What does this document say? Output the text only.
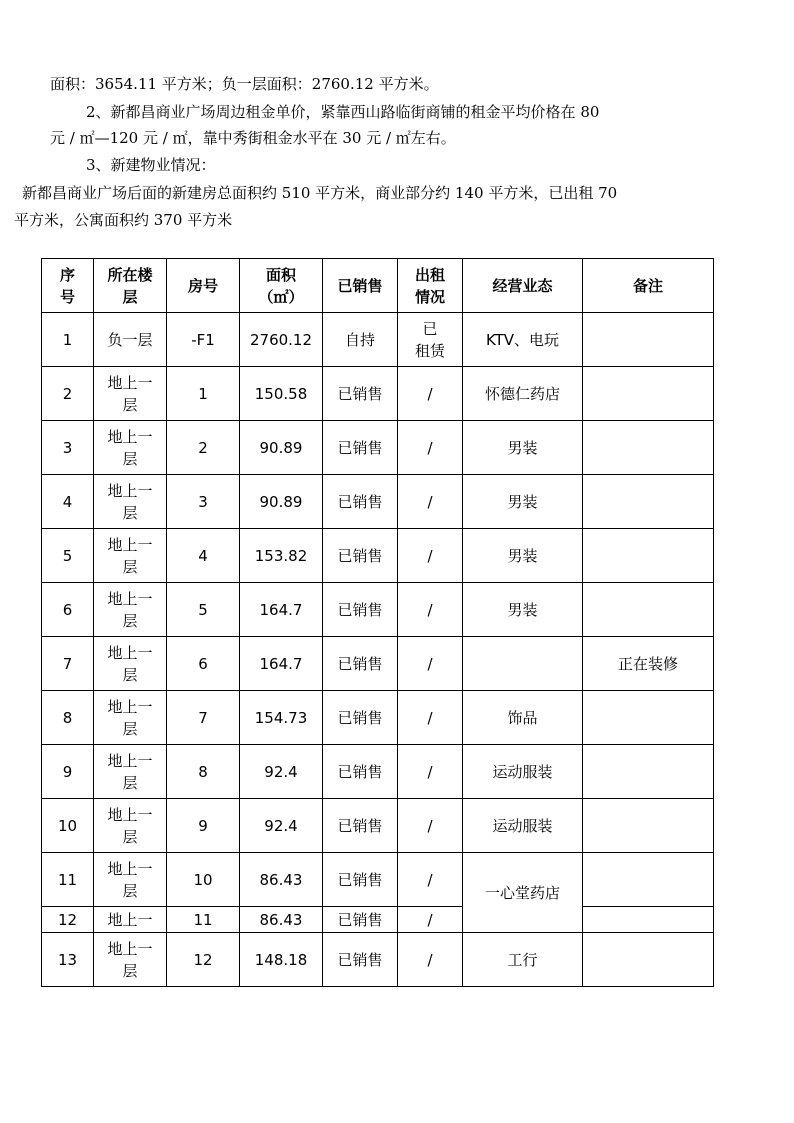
面积：3654.11 平方米；负一层面积：2760.12 平方米。
2、新都昌商业广场周边租金单价，紧靠西山路临街商铺的租金平均价格在 80
元 / ㎡—120 元 / ㎡，靠中秀街租金水平在 30 元 / ㎡左右。
3、新建物业情况：
新都昌商业广场后面的新建房总面积约 510 平方米，商业部分约 140 平方米，已出租 70
平方米，公寓面积约 370 平方米
序
号	所在楼
层	房号	面积
（㎡）	已销售	出租
情况	经营业态	备注
1	负一层	-F1	2760.12	自持	已
租赁	KTV、电玩	
2	地上一
层	1	150.58	已销售	/	怀德仁药店	
3	地上一
层	2	90.89	已销售	/	男装	
4	地上一
层	3	90.89	已销售	/	男装	
5	地上一
层	4	153.82	已销售	/	男装	
6	地上一
层	5	164.7	已销售	/	男装	
7	地上一
层	6	164.7	已销售	/		正在装修
8	地上一
层	7	154.73	已销售	/	饰品	
9	地上一
层	8	92.4	已销售	/	运动服装	
10	地上一
层	9	92.4	已销售	/	运动服装	
11	地上一
层	10	86.43	已销售	/	一心堂药店	
12	地上一	11	86.43	已销售	/		
13	地上一
层	12	148.18	已销售	/	工行	
